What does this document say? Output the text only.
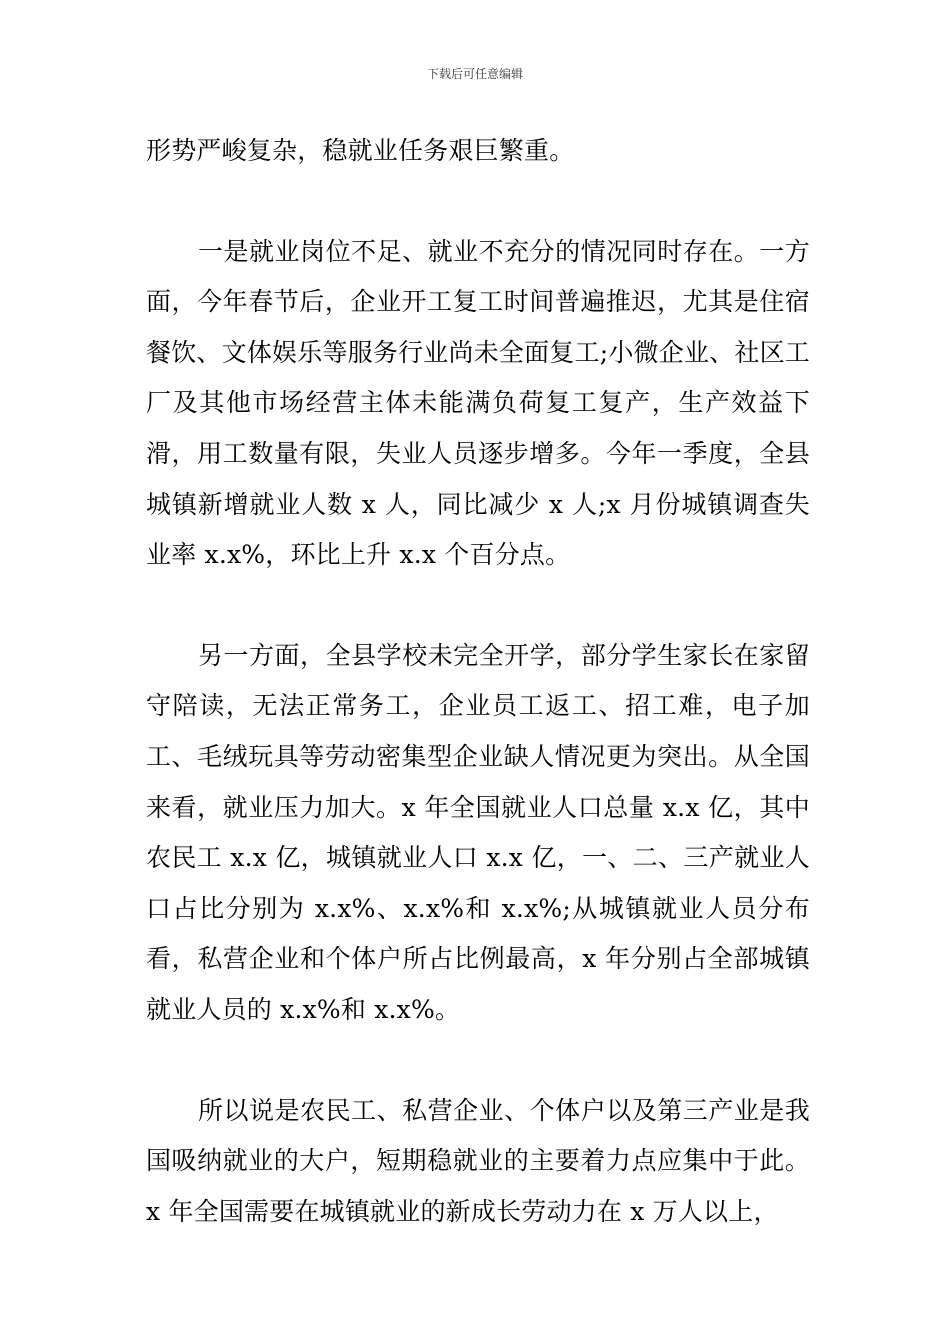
下载后可任意编辑

形势严峻复杂，稳就业任务艰巨繁重。

一是就业岗位不足、就业不充分的情况同时存在。一方面，今年春节后，企业开工复工时间普遍推迟，尤其是住宿餐饮、文体娱乐等服务行业尚未全面复工;小微企业、社区工厂及其他市场经营主体未能满负荷复工复产，生产效益下滑，用工数量有限，失业人员逐步增多。今年一季度，全县城镇新增就业人数 x 人，同比减少 x 人;x 月份城镇调查失业率 x.x%，环比上升 x.x 个百分点。

另一方面，全县学校未完全开学，部分学生家长在家留守陪读，无法正常务工，企业员工返工、招工难，电子加工、毛绒玩具等劳动密集型企业缺人情况更为突出。从全国来看，就业压力加大。x 年全国就业人口总量 x.x 亿，其中农民工 x.x 亿，城镇就业人口 x.x 亿，一、二、三产就业人口占比分别为 x.x%、x.x%和 x.x%;从城镇就业人员分布看，私营企业和个体户所占比例最高，x 年分别占全部城镇就业人员的 x.x%和 x.x%。

所以说是农民工、私营企业、个体户以及第三产业是我国吸纳就业的大户，短期稳就业的主要着力点应集中于此。x 年全国需要在城镇就业的新成长劳动力在 x 万人以上，
